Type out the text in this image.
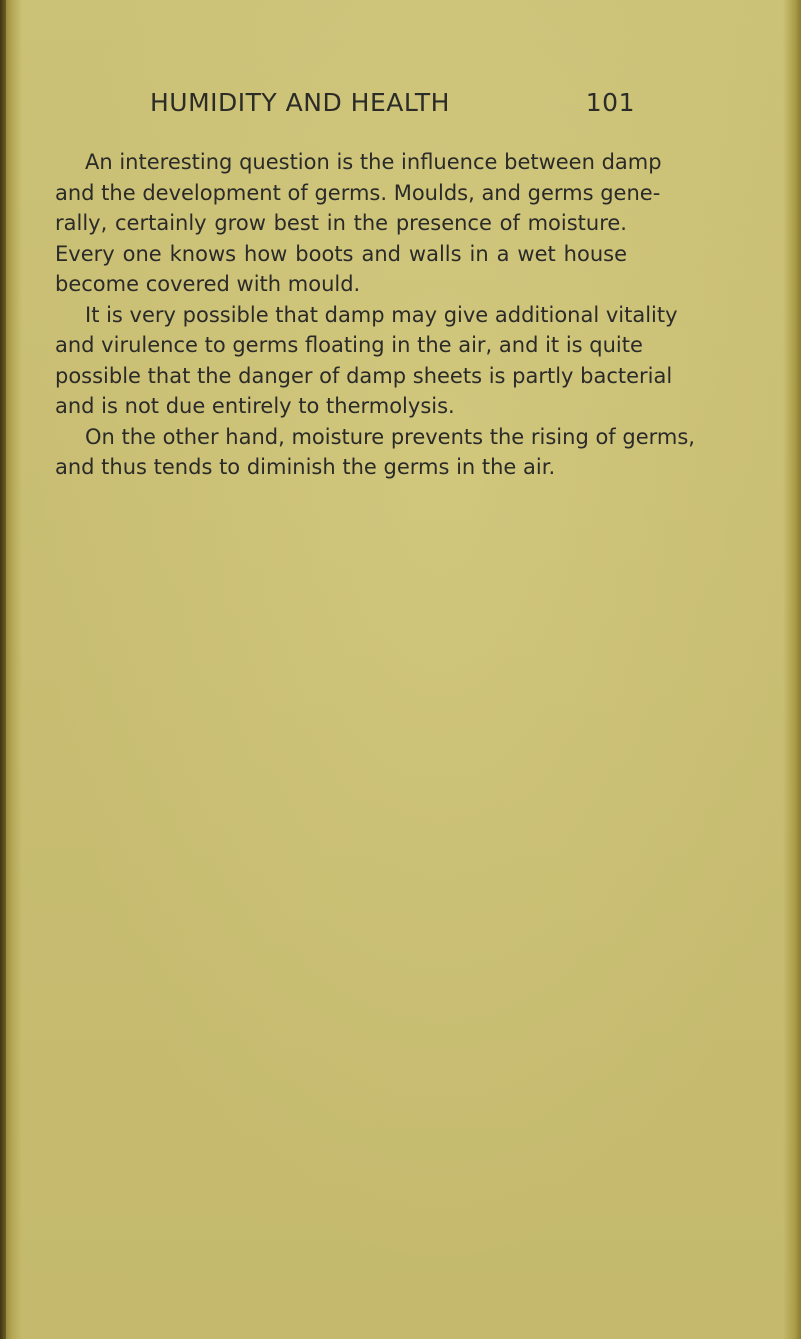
HUMIDITY AND HEALTH	101

An interesting question is the influence between damp
and the development of germs. Moulds, and germs gene-
rally, certainly grow best in the presence of moisture.
Every one knows how boots and walls in a wet house
become covered with mould.

It is very possible that damp may give additional vitality
and virulence to germs floating in the air, and it is quite
possible that the danger of damp sheets is partly bacterial
and is not due entirely to thermolysis.

On the other hand, moisture prevents the rising of germs,
and thus tends to diminish the germs in the air.
